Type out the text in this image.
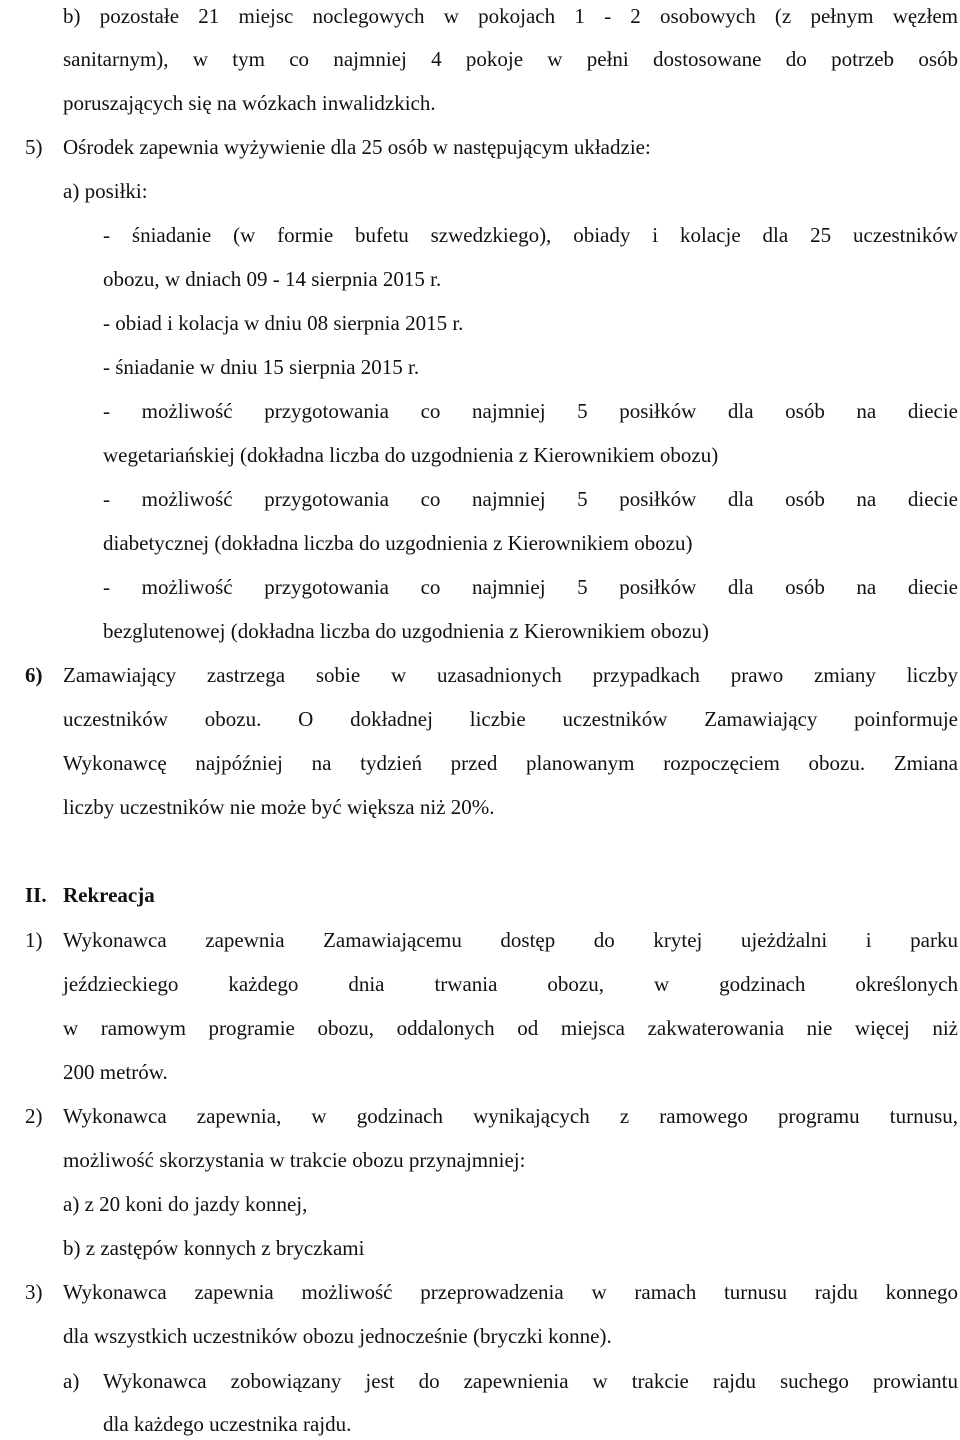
b) pozostałe 21 miejsc noclegowych w pokojach 1 - 2 osobowych (z pełnym węzłem
sanitarnym), w tym co najmniej 4 pokoje w pełni dostosowane do potrzeb osób
poruszających się na wózkach inwalidzkich.
5) Ośrodek zapewnia wyżywienie dla 25 osób w następującym układzie:
a) posiłki:
- śniadanie (w formie bufetu szwedzkiego), obiady i kolacje dla 25 uczestników
obozu, w dniach 09 - 14 sierpnia 2015 r.
- obiad i kolacja w dniu 08 sierpnia 2015 r.
- śniadanie w dniu 15 sierpnia 2015 r.
- możliwość przygotowania co najmniej 5 posiłków dla osób na diecie
wegetariańskiej (dokładna liczba do uzgodnienia z Kierownikiem obozu)
- możliwość przygotowania co najmniej 5 posiłków dla osób na diecie
diabetycznej (dokładna liczba do uzgodnienia z Kierownikiem obozu)
- możliwość przygotowania co najmniej 5 posiłków dla osób na diecie
bezglutenowej (dokładna liczba do uzgodnienia z Kierownikiem obozu)
6) Zamawiający zastrzega sobie w uzasadnionych przypadkach prawo zmiany liczby
uczestników obozu. O dokładnej liczbie uczestników Zamawiający poinformuje
Wykonawcę najpóźniej na tydzień przed planowanym rozpoczęciem obozu. Zmiana
liczby uczestników nie może być większa niż 20%.
II. Rekreacja
1) Wykonawca zapewnia Zamawiającemu dostęp do krytej ujeżdżalni i parku
jeździeckiego każdego dnia trwania obozu, w godzinach określonych
w ramowym programie obozu, oddalonych od miejsca zakwaterowania nie więcej niż
200 metrów.
2) Wykonawca zapewnia, w godzinach wynikających z ramowego programu turnusu,
możliwość skorzystania w trakcie obozu przynajmniej:
a) z 20 koni do jazdy konnej,
b) z zastępów konnych z bryczkami
3) Wykonawca zapewnia możliwość przeprowadzenia w ramach turnusu rajdu konnego
dla wszystkich uczestników obozu jednocześnie (bryczki konne).
a) Wykonawca zobowiązany jest do zapewnienia w trakcie rajdu suchego prowiantu
dla każdego uczestnika rajdu.
